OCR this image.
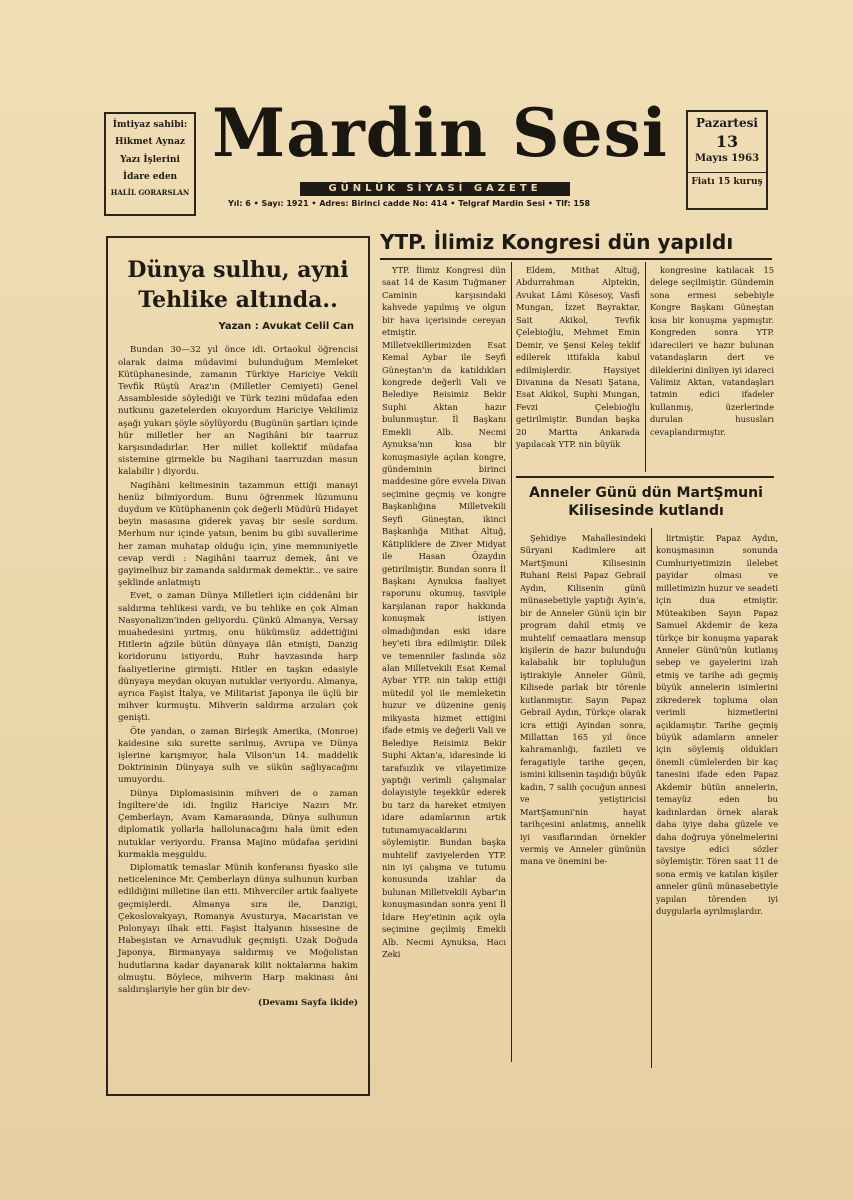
İmtiyaz sahibi:
Hikmet Aynaz
Yazı İşlerini
İdare eden
HALİL GORARSLAN
Mardin Sesi
GÜNLÜK SİYASİ GAZETE
Yıl: 6 • Sayı: 1921 • Adres: Birinci cadde No: 414 • Telgraf Mardin Sesi • Tlf: 158
Pazartesi
13
Mayıs 1963
Fiatı 15 kuruş
Dünya sulhu, ayni Tehlike altında..
Yazan : Avukat Celil Can

Bundan 30—32 yıl önce idi. Ortaokul öğrencisi olarak daima müdavimi bulunduğum Memleket Kütüphanesinde, zamanın Türkiye Hariciye Vekili Tevfik Rüştü Araz'ın (Milletler Cemiyeti) Genel Assambleside söylediği ve Türk tezini müdafaa eden nutkunu gazetelerden okuyordum Hariciye Vekilimiz aşağı yukarı şöyle söylüyordu (Bugünün şartları içinde hür milletler her an Nagihâni bir taarruz karşısındadırlar. Her millet kollektif müdafaa sistemine girmekle bu Nagihani taarruzdan masun kalabilir ) diyordu.

Nagihâni kelimesinin tazammun ettiği manayi henüz bilmiyordum. Bunu öğrenmek lüzumunu duydum ve Kütüphanenin çok değerli Müdürü Hidayet beyin masasına giderek yavaş bir sesle sordum. Merhum nur içinde yatsın, benim bu gibi suvallerime her zaman muhatap olduğu için, yine memnuniyetle cevap verdi : Nagihâni taarruz demek, âni ve gayimelhuz bir zamanda saldırmak demektir... ve saire şeklinde anlatmıştı

Evet, o zaman Dünya Milletleri için ciddenâni bir saldırma tehlikesi vardı, ve bu tehlike en çok Alman Nasyonalizm'inden geliyordu. Çünkü Almanya, Versay muahedesini yırtmış, onu hükümsüz addettiğini Hitlerin ağzile bütün dünyaya ilân etmişti, Danzig koridorunu istiyordu, Ruhr havzasında harp faaliyetlerine girmişti. Hitler en taşkın edasiyle dünyaya meydan okuyan nutuklar veriyordu. Almanya, ayrıca Faşist İtalya, ve Militarist Japonya ile üçlü bir mihver kurmuştu. Mihverin saldırma arzuları çok genişti.

Öte yandan, o zaman Birleşik Amerika, (Monroe) kaidesine sıkı surette sarılmış, Avrupa ve Dünya işlerine karışmıyor, hala Vilson'un 14. maddelik Doktrininin Dünyaya sulh ve sükûn sağlıyacağını umuyordu.

Dünya Diplomasisinin mihveri de o zaman İngiltere'de idi. İngiliz Hariciye Nazırı Mr. Çemberlayn, Avam Kamarasında, Dünya sulhunun diplomatik yollarla hallolunacağını hala ümit eden nutuklar veriyordu. Fransa Majino müdafaa şeridini kurmakla meşguldu.

Diplomatik temaslar Münih konferansı fiyasko sile neticelenince Mr. Çemberlayn dünya sulhunun kurban edildiğini milletine ilan etti. Mihverciler artık faaliyete geçmişlerdi. Almanya sıra ile, Danzigi, Çekoslovakyayı, Romanya Avusturya, Macaristan ve Polonyayı ilhak etti. Faşist İtalyanın hissesine de Habeşistan ve Arnavudluk geçmişti. Uzak Doğuda Japonya, Birmanyaya saldırmış ve Moğolistan hudutlarına kadar dayanarak kilit noktalarına hakim olmuştu. Böylece, mihverin Harp makinası âni saldırışlariyle her gün bir dev-

(Devamı Sayfa ikide)
YTP. İlimiz Kongresi dün yapıldı

YTP. İlimiz Kongresi dün saat 14 de Kasım Tuğmaner Caminin karşısındaki kahvede yapılmış ve olgun bir hava içerisinde cereyan etmiştir. Milletvekillerimizden Esat Kemal Aybar ile Seyfi Güneştan'ın da katıldıkları kongrede değerli Vali ve Belediye Reisimiz Bekir Suphi Aktan hazır bulunmuştur. İl Başkanı Emekli Alb. Necmi Aynuksa'nın kısa bir konuşmasiyle açılan kongre, gündeminin birinci maddesine göre evvela Divan seçimine geçmiş ve kongre Başkanlığına Milletvekili Seyfi Güneştan, ikinci Başkanlığa Mithat Altuğ, Kâtipliklere de Ziver Midyat ile Hasan Özaydın getirilmiştir. Bundan sonra İl Başkanı Aynuksa faaliyet raporunu okumuş, tasviple karşılanan rapor hakkında konuşmak istiyen olmadığından eski idare hey'eti ibra edilmiştir. Dilek ve temenniler faslında söz alan Milletvekili Esat Kemal Aybar YTP. nin takip ettiği mütedil yol ile memleketin huzur ve düzenine geniş mikyasta hizmet ettiğini ifade etmiş ve değerli Vali ve Belediye Reisimiz Bekir Suphi Aktan'a, idaresinde ki tarafsızlık ve vilayetimize yaptığı verimli çalışmalar dolayısiyle teşekkür ederek bu tarz da hareket etmiyen idare adamlarının artık tutunamıyacaklarını söylemiştir. Bundan başka muhtelif zaviyelerden YTP. nin iyi çalışma ve tutumu konusunda izahlar da bulunan Milletvekili Aybar'ın konuşmasından sonra yeni İl İdare Hey'etinin açık oyla seçimine geçilmiş Emekli Alb. Necmi Aynuksa, Hacı Zeki

Eldem, Mithat Altuğ, Abdurrahman Alptekin, Avukat Lâmi Kösesoy, Vasfi Mungan, İzzet Bayraktar, Sait Akikol, Tevfik Çelebioğlu, Mehmet Emin Demir, ve Şensi Keleş teklif edilerek ittifakla kabul edilmişlerdir. Haysiyet Divanına da Nesati Şatana, Esat Akikol, Suphi Mungan, Fevzi Çelebioğlu getirilmiştir. Bundan başka 20 Martta Ankarada yapılacak YTP. nin büyük

kongresine katılacak 15 delege seçilmiştir. Gündemin sona ermesi sebebiyle Kongre Başkanı Güneştan kısa bir konuşma yapmıştır. Kongreden sonra YTP. idarecileri ve hazır bulunan vatandaşların dert ve dileklerini dinliyen iyi idareci Valimiz Aktan, vatandaşları tatmin edici ifadeler kullanmış, üzerlerinde durulan hususları cevaplandırmıştır.

Anneler Günü dün MartŞmuni Kilisesinde kutlandı

Şehidiye Mahallesindeki Süryani Kadimlere ait MartŞmuni Kilisesinin Ruhani Reisi Papaz Gebrail Aydın, Kilisenin günü münasebetiyle yaptığı Ayin'a, bir de Anneler Günü için bir program dahil etmiş ve muhtelif cemaatlara mensup kişilerin de hazır bulunduğu kalabalık bir topluluğun iştirakiyle Anneler Günü, Kilisede parlak bir törenle kutlanmıştır. Sayın Papaz Gebrail Aydın, Türkçe olarak icra ettiği Ayindan sonra, Millattan 165 yıl önce kahramanlığı, fazileti ve feragatiyle tarihe geçen, ismini kilisenin taşıdığı büyük kadın, 7 salih çocuğun annesi ve yetiştiricisi MartŞamuni'nin hayat tarihçesini anlatmış, annelik iyi vasıflarından örnekler vermiş ve Anneler gününün mana ve önemini be-

lirtmiştir. Papaz Aydın, konuşmasının sonunda Cumhuriyetimizin ilelebet payidar olması ve milletimizin huzur ve seadeti için dua etmiştir. Müteakiben Sayın Papaz Samuel Akdemir de keza türkçe bir konuşma yaparak Anneler Günü'nün kutlanış sebep ve gayelerini izah etmiş ve tarihe adı geçmiş büyük annelerin isimlerini zikrederek topluma olan verimli hizmetlerini açıklamıştır. Tarihe geçmiş büyük adamların anneler için söylemiş oldukları önemli cümlelerden bir kaç tanesini ifade eden Papaz Akdemir bütün annelerin, temayüz eden bu kadınlardan örnek alarak daha iyiye daha güzele ve daha doğruya yönelmelerini tavsiye edici sözler söylemiştir. Tören saat 11 de sona ermiş ve katılan kişiler anneler günü münasebetiyle yapılan törenden iyi duygularla ayrılmışlardır.
